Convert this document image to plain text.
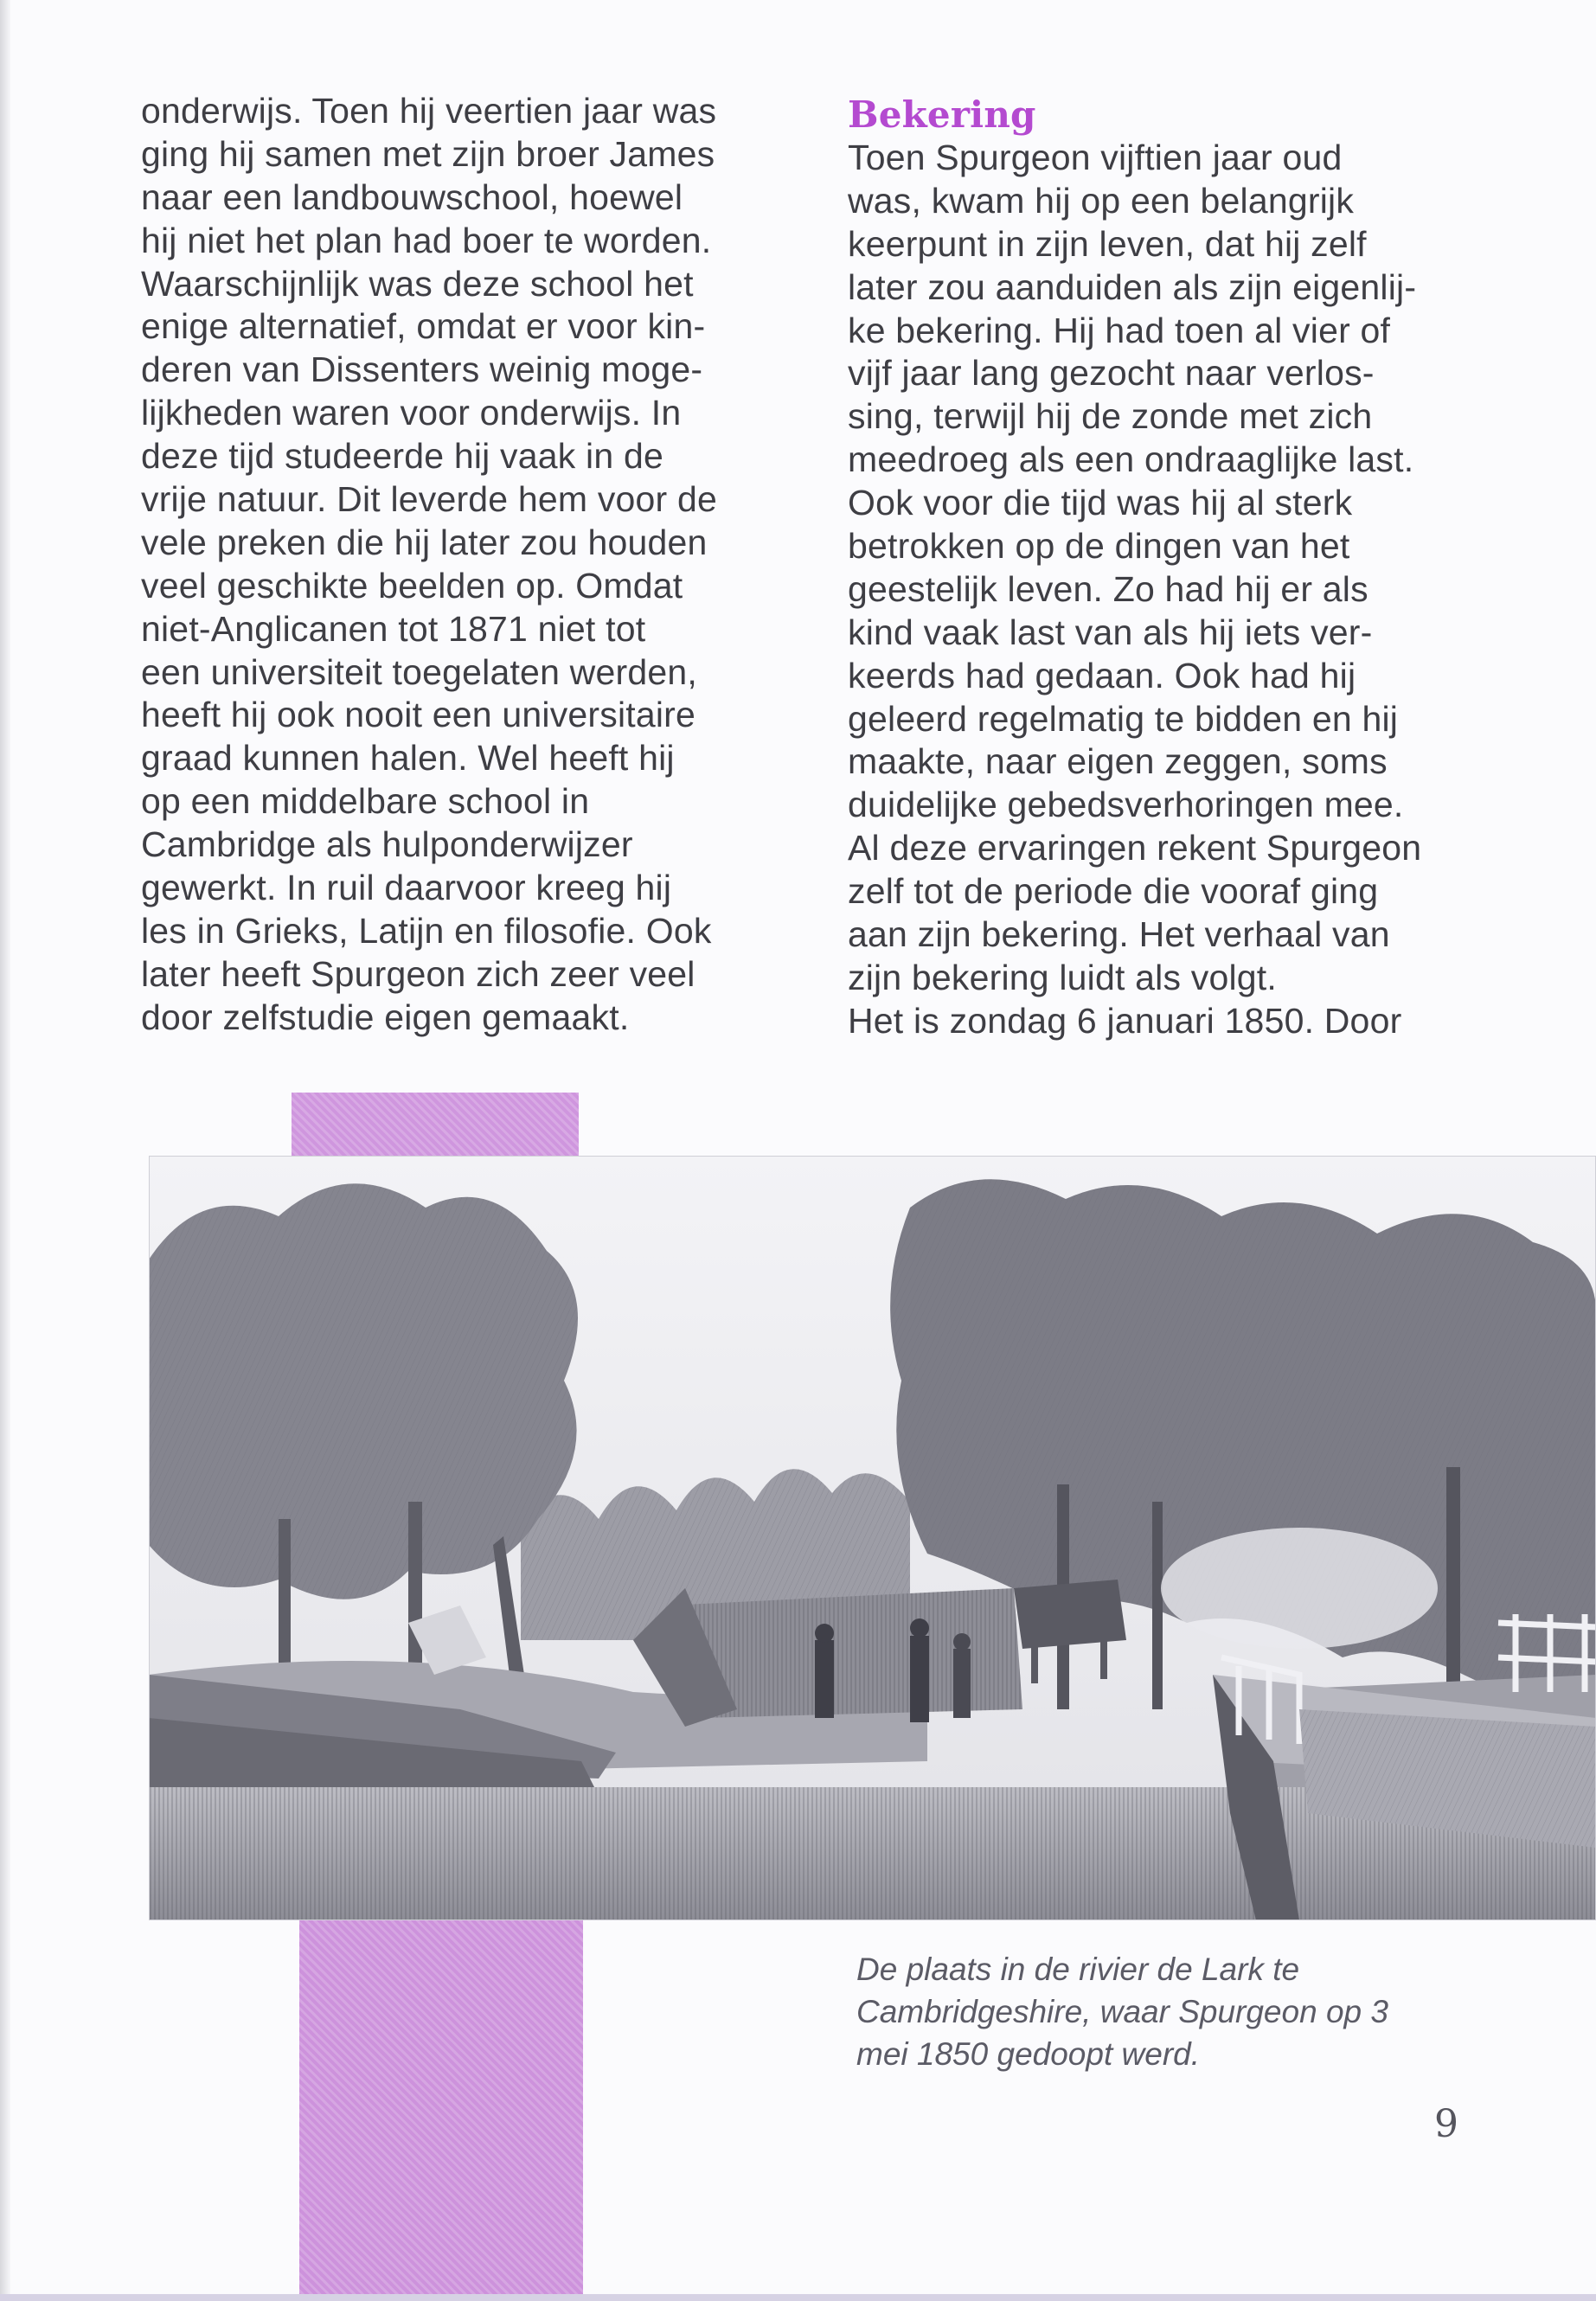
onderwijs. Toen hij veertien jaar was
ging hij samen met zijn broer James
naar een landbouwschool, hoewel
hij niet het plan had boer te worden.
Waarschijnlijk was deze school het
enige alternatief, omdat er voor kin-
deren van Dissenters weinig moge-
lijkheden waren voor onderwijs. In
deze tijd studeerde hij vaak in de
vrije natuur. Dit leverde hem voor de
vele preken die hij later zou houden
veel geschikte beelden op. Omdat
niet-Anglicanen tot 1871 niet tot
een universiteit toegelaten werden,
heeft hij ook nooit een universitaire
graad kunnen halen. Wel heeft hij
op een middelbare school in
Cambridge als hulponderwijzer
gewerkt. In ruil daarvoor kreeg hij
les in Grieks, Latijn en filosofie. Ook
later heeft Spurgeon zich zeer veel
door zelfstudie eigen gemaakt.
Bekering
Toen Spurgeon vijftien jaar oud
was, kwam hij op een belangrijk
keerpunt in zijn leven, dat hij zelf
later zou aanduiden als zijn eigenlij-
ke bekering. Hij had toen al vier of
vijf jaar lang gezocht naar verlos-
sing, terwijl hij de zonde met zich
meedroeg als een ondraaglijke last.
Ook voor die tijd was hij al sterk
betrokken op de dingen van het
geestelijk leven. Zo had hij er als
kind vaak last van als hij iets ver-
keerds had gedaan. Ook had hij
geleerd regelmatig te bidden en hij
maakte, naar eigen zeggen, soms
duidelijke gebedsverhoringen mee.
Al deze ervaringen rekent Spurgeon
zelf tot de periode die vooraf ging
aan zijn bekering. Het verhaal van
zijn bekering luidt als volgt.
Het is zondag 6 januari 1850. Door
De plaats in de rivier de Lark te
Cambridgeshire, waar Spurgeon op 3
mei 1850 gedoopt werd.
9
